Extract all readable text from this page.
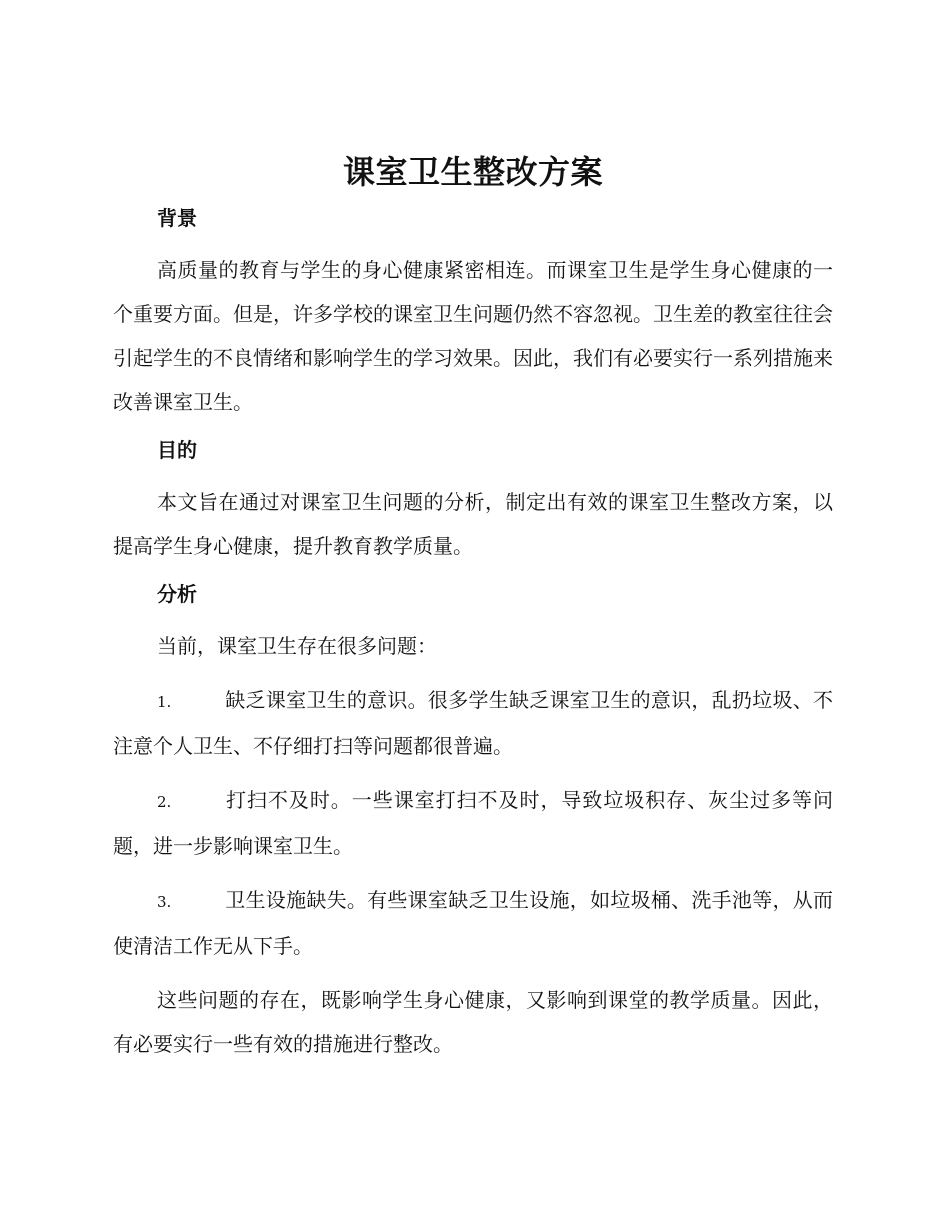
课室卫生整改方案
背景

高质量的教育与学生的身心健康紧密相连。而课室卫生是学生身心健康的一个重要方面。但是，许多学校的课室卫生问题仍然不容忽视。卫生差的教室往往会引起学生的不良情绪和影响学生的学习效果。因此，我们有必要实行一系列措施来改善课室卫生。

目的

本文旨在通过对课室卫生问题的分析，制定出有效的课室卫生整改方案，以提高学生身心健康，提升教育教学质量。

分析

当前，课室卫生存在很多问题：

1.	缺乏课室卫生的意识。很多学生缺乏课室卫生的意识，乱扔垃圾、不注意个人卫生、不仔细打扫等问题都很普遍。

2.	打扫不及时。一些课室打扫不及时，导致垃圾积存、灰尘过多等问题，进一步影响课室卫生。

3.	卫生设施缺失。有些课室缺乏卫生设施，如垃圾桶、洗手池等，从而使清洁工作无从下手。

这些问题的存在，既影响学生身心健康，又影响到课堂的教学质量。因此，有必要实行一些有效的措施进行整改。
